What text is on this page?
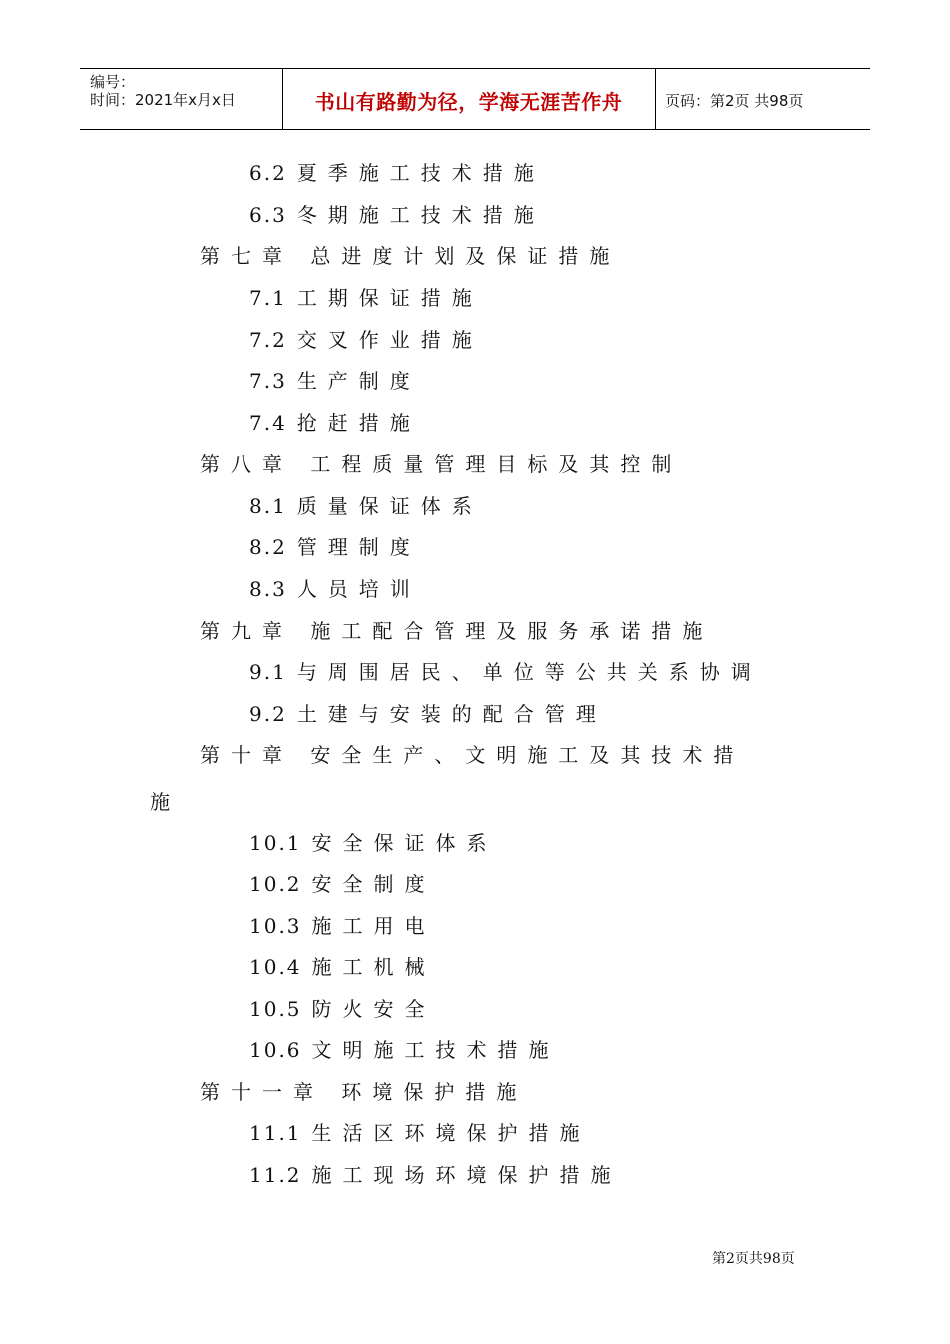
编号：
时间：2021年x月x日	书山有路勤为径，学海无涯苦作舟	页码：第2页 共98页
6.2 夏季施工技术措施
6.3 冬期施工技术措施
第七章 总进度计划及保证措施
7.1 工期保证措施
7.2 交叉作业措施
7.3 生产制度
7.4 抢赶措施
第八章 工程质量管理目标及其控制
8.1 质量保证体系
8.2 管理制度
8.3 人员培训
第九章 施工配合管理及服务承诺措施
9.1 与周围居民、单位等公共关系协调
9.2 土建与安装的配合管理
第十章 安全生产、文明施工及其技术措
施
10.1 安全保证体系
10.2 安全制度
10.3 施工用电
10.4 施工机械
10.5 防火安全
10.6 文明施工技术措施
第十一章 环境保护措施
11.1 生活区环境保护措施
11.2 施工现场环境保护措施
第2页共98页
